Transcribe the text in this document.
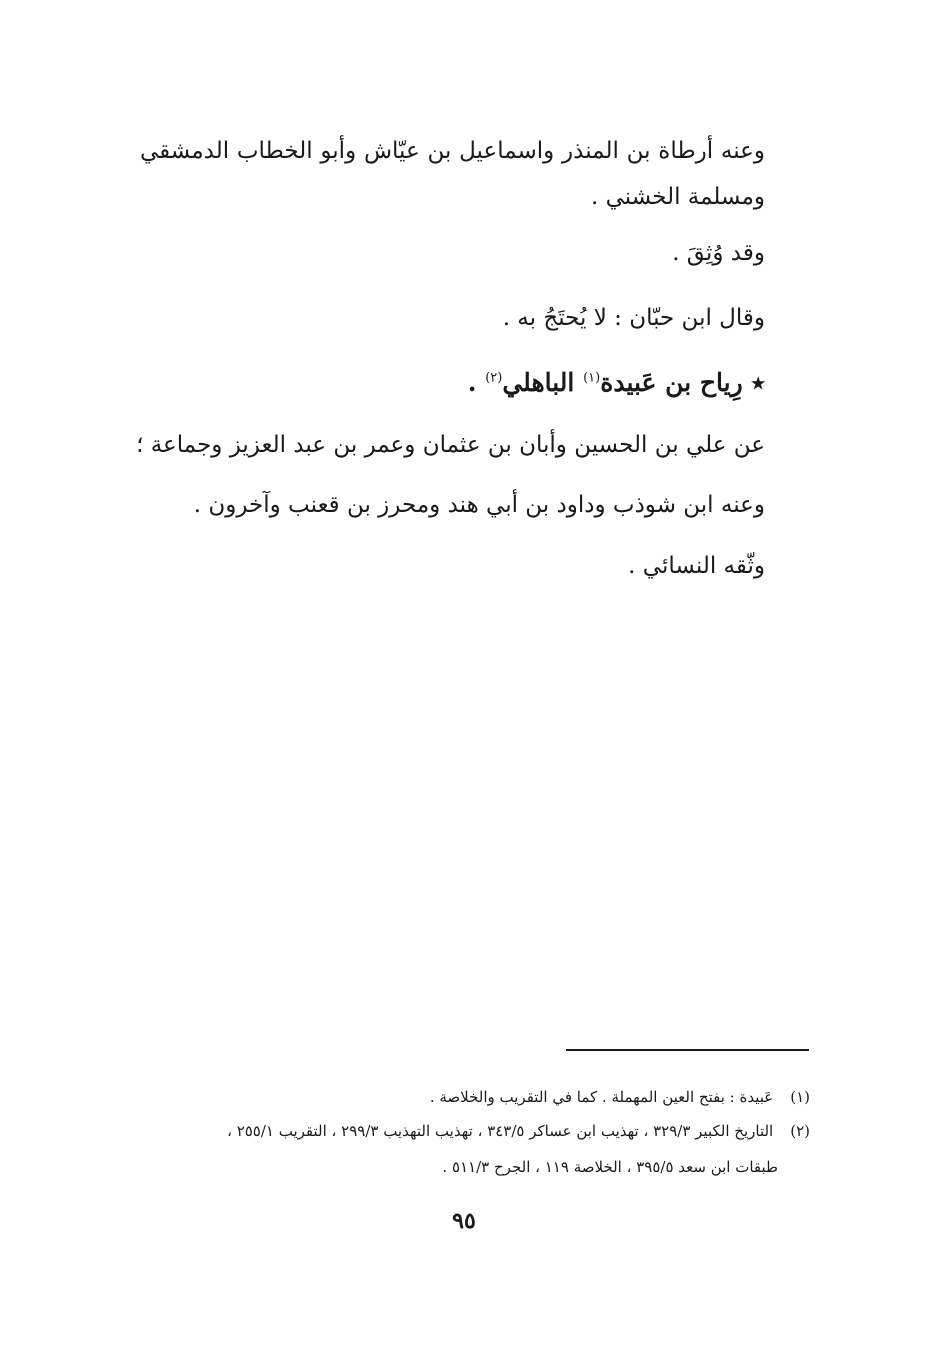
وعنه أرطاة بن المنذر واسماعيل بن عيّاش وأبو الخطاب الدمشقي ومسلمة الخشني .
وقد وُثِقَ .
وقال ابن حبّان : لا يُحتَجُ به .
٭ رِياح بن عَبيدة$^{(١)}$ الباهلي$^{(٢)}$ .
عن علي بن الحسين وأبان بن عثمان وعمر بن عبد العزيز وجماعة ؛
وعنه ابن شوذب وداود بن أبي هند ومحرز بن قعنب وآخرون .
وثّقه النسائي .
(١) عَبيدة : بفتح العين المهملة . كما في التقريب والخلاصة .
(٢) التاريخ الكبير ٣٢٩/٣ ، تهذيب ابن عساكر ٣٤٣/٥ ، تهذيب التهذيب ٢٩٩/٣ ، التقريب ٢٥٥/١ ،
طبقات ابن سعد ٣٩٥/٥ ، الخلاصة ١١٩ ، الجرح ٥١١/٣ .
٩٥
